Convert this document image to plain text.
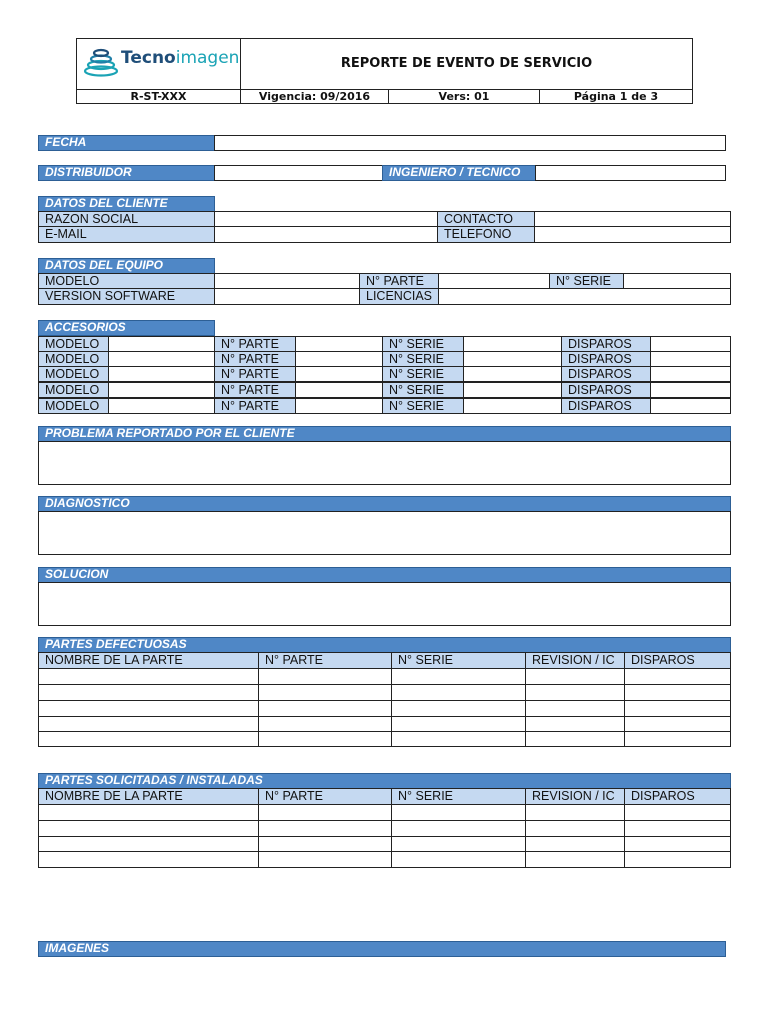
Tecnoimagen	REPORTE DE EVENTO DE SERVICIO
R-ST-XXX	Vigencia: 09/2016	Vers: 01	Página 1 de 3
FECHA
DISTRIBUIDOR	INGENIERO / TECNICO
DATOS DEL CLIENTE
RAZON SOCIAL	CONTACTO
E-MAIL	TELEFONO
DATOS DEL EQUIPO
MODELO	N° PARTE	N° SERIE
VERSION SOFTWARE	LICENCIAS
ACCESORIOS
MODELO	N° PARTE	N° SERIE	DISPAROS
MODELO	N° PARTE	N° SERIE	DISPAROS
MODELO	N° PARTE	N° SERIE	DISPAROS
MODELO	N° PARTE	N° SERIE	DISPAROS
MODELO	N° PARTE	N° SERIE	DISPAROS
PROBLEMA REPORTADO POR EL CLIENTE
DIAGNOSTICO
SOLUCION
PARTES DEFECTUOSAS
NOMBRE DE LA PARTE	N° PARTE	N° SERIE	REVISION / IC	DISPAROS
PARTES SOLICITADAS / INSTALADAS
NOMBRE DE LA PARTE	N° PARTE	N° SERIE	REVISION / IC	DISPAROS
IMAGENES
